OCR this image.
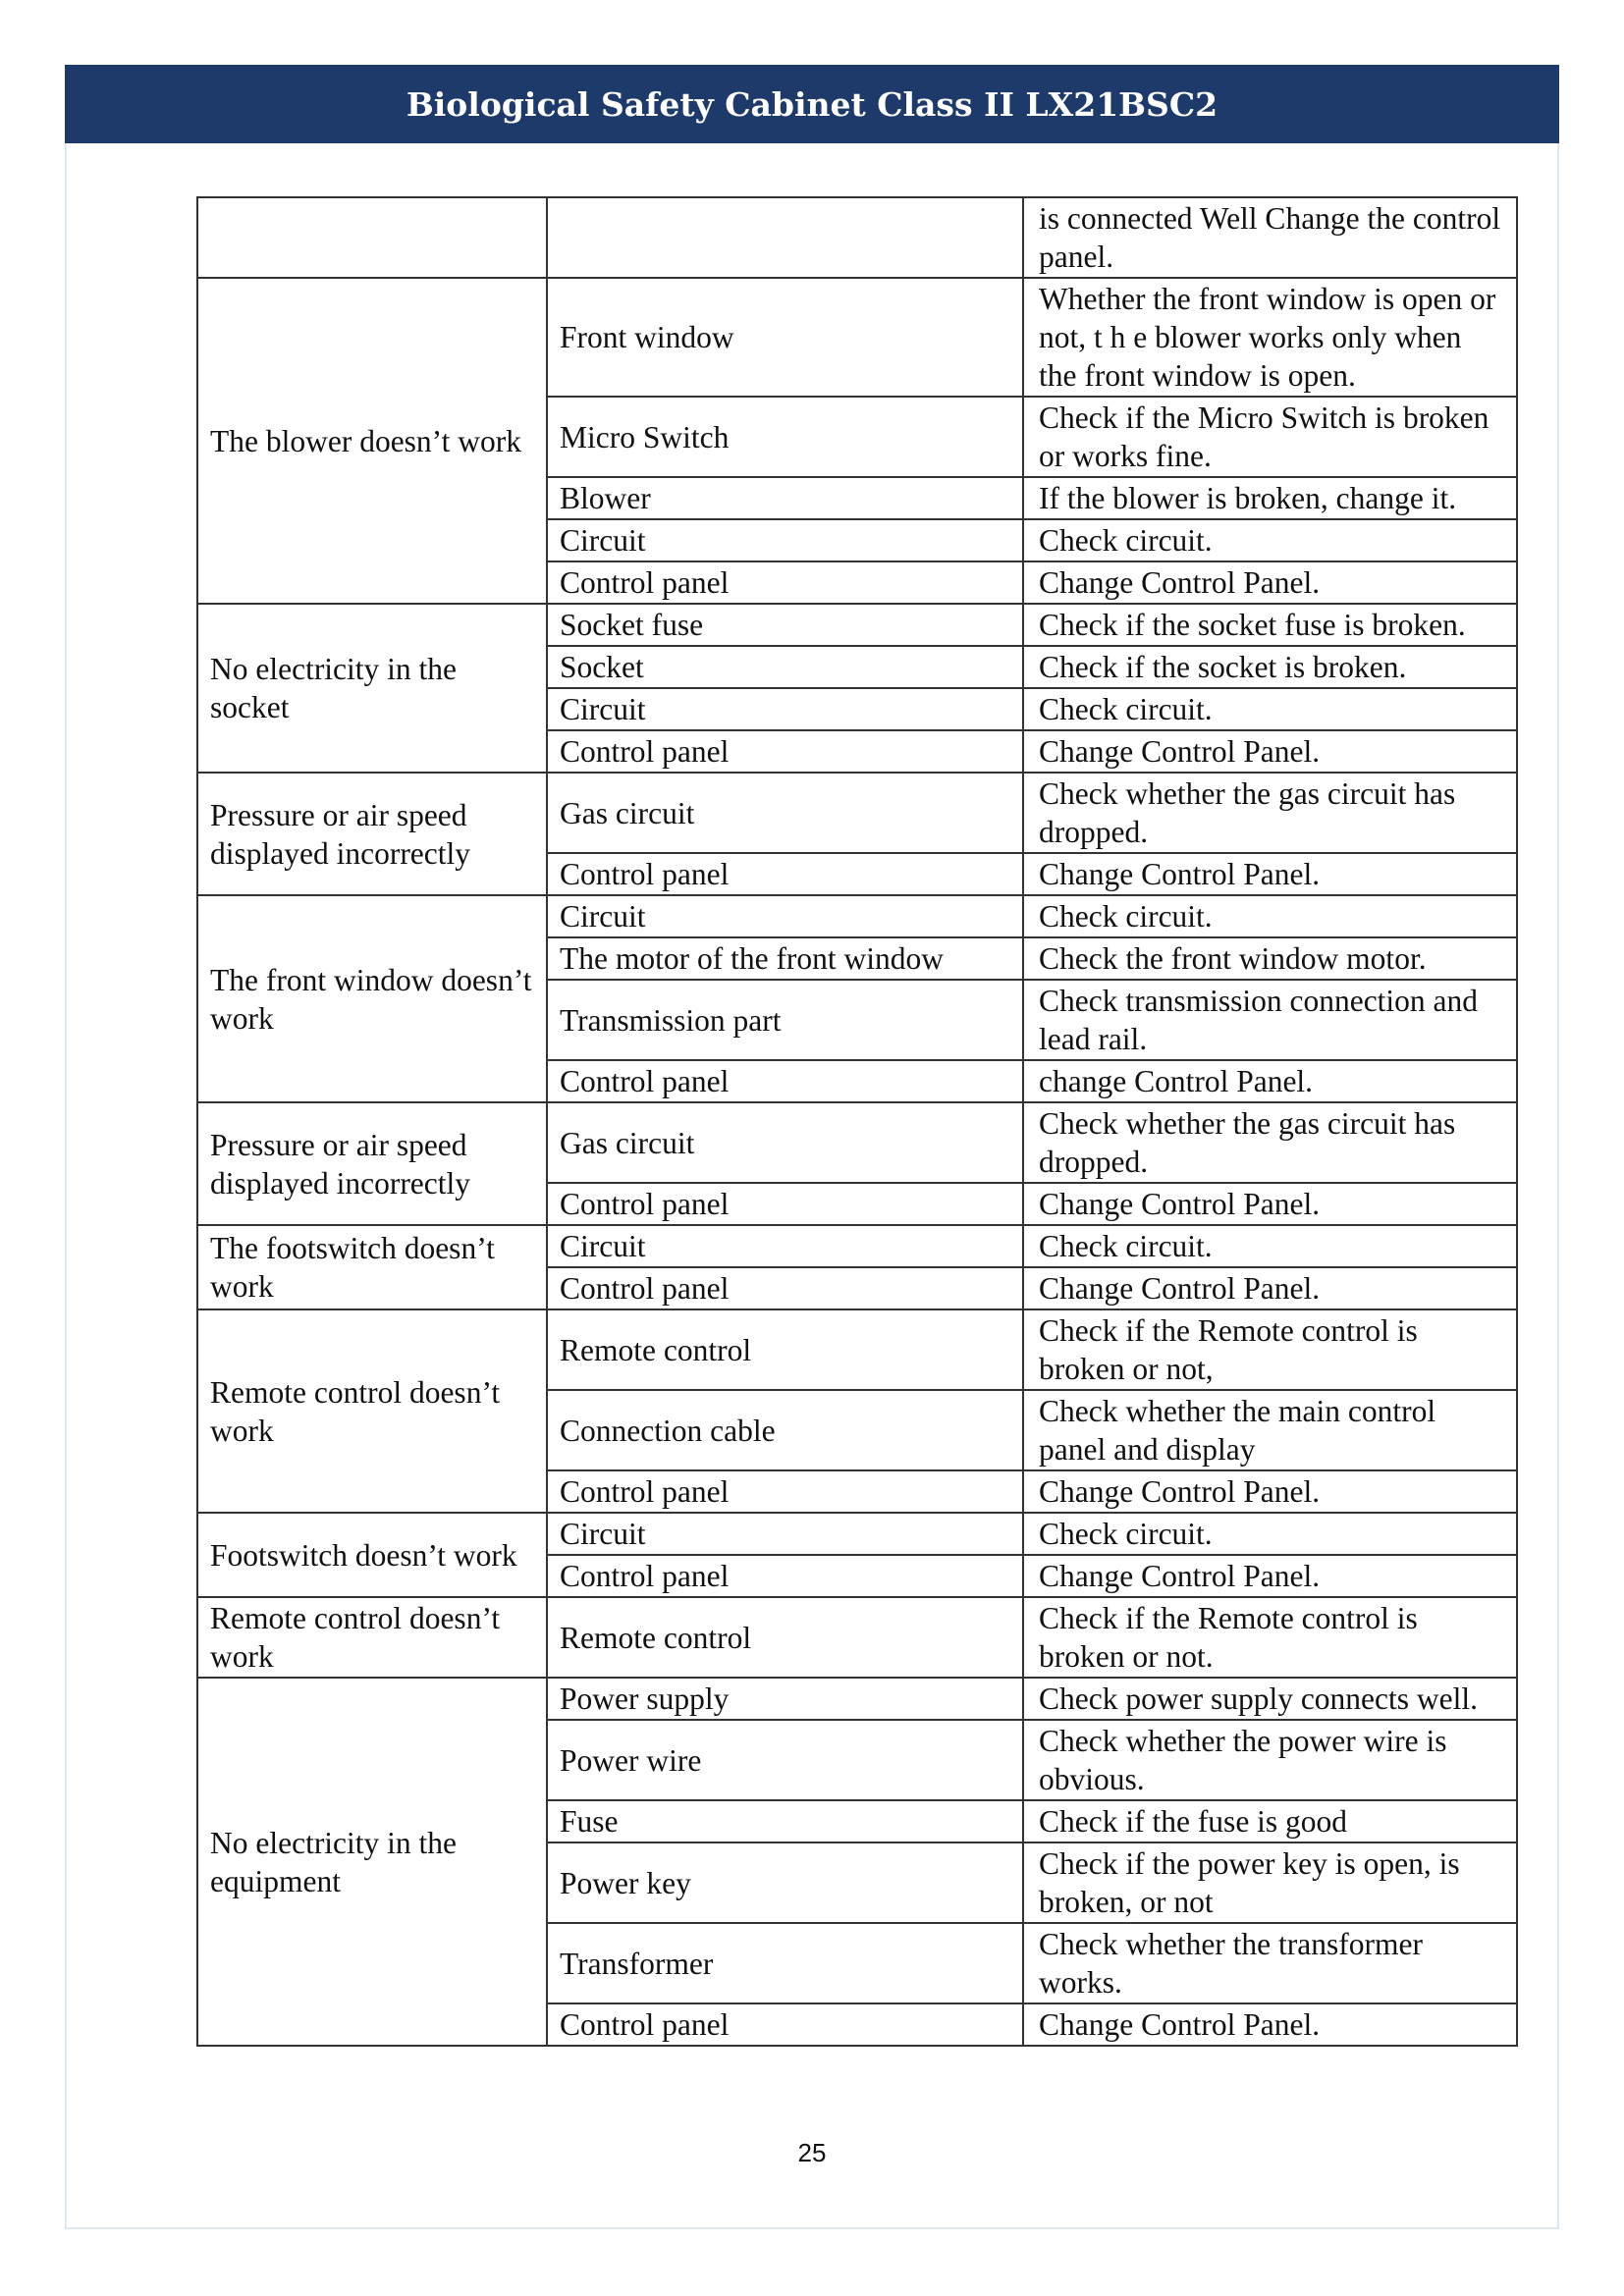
Biological Safety Cabinet Class II LX21BSC2
		is connected Well Change the control panel.
The blower doesn’t work	Front window	Whether the front window is open or not, t h e blower works only when the front window is open.
	Micro Switch	Check if the Micro Switch is broken or works fine.
	Blower	If the blower is broken, change it.
	Circuit	Check circuit.
	Control panel	Change Control Panel.
No electricity in the socket	Socket fuse	Check if the socket fuse is broken.
	Socket	Check if the socket is broken.
	Circuit	Check circuit.
	Control panel	Change Control Panel.
Pressure or air speed displayed incorrectly	Gas circuit	Check whether the gas circuit has dropped.
	Control panel	Change Control Panel.
The front window doesn’t work	Circuit	Check circuit.
	The motor of the front window	Check the front window motor.
	Transmission part	Check transmission connection and lead rail.
	Control panel	change Control Panel.
Pressure or air speed displayed incorrectly	Gas circuit	Check whether the gas circuit has dropped.
	Control panel	Change Control Panel.
The footswitch doesn’t work	Circuit	Check circuit.
	Control panel	Change Control Panel.
Remote control doesn’t work	Remote control	Check if the Remote control is broken or not,
	Connection cable	Check whether the main control panel and display
	Control panel	Change Control Panel.
Footswitch doesn’t work	Circuit	Check circuit.
	Control panel	Change Control Panel.
Remote control doesn’t work	Remote control	Check if the Remote control is broken or not.
No electricity in the equipment	Power supply	Check power supply connects well.
	Power wire	Check whether the power wire is obvious.
	Fuse	Check if the fuse is good
	Power key	Check if the power key is open, is broken, or not
	Transformer	Check whether the transformer works.
	Control panel	Change Control Panel.
25
